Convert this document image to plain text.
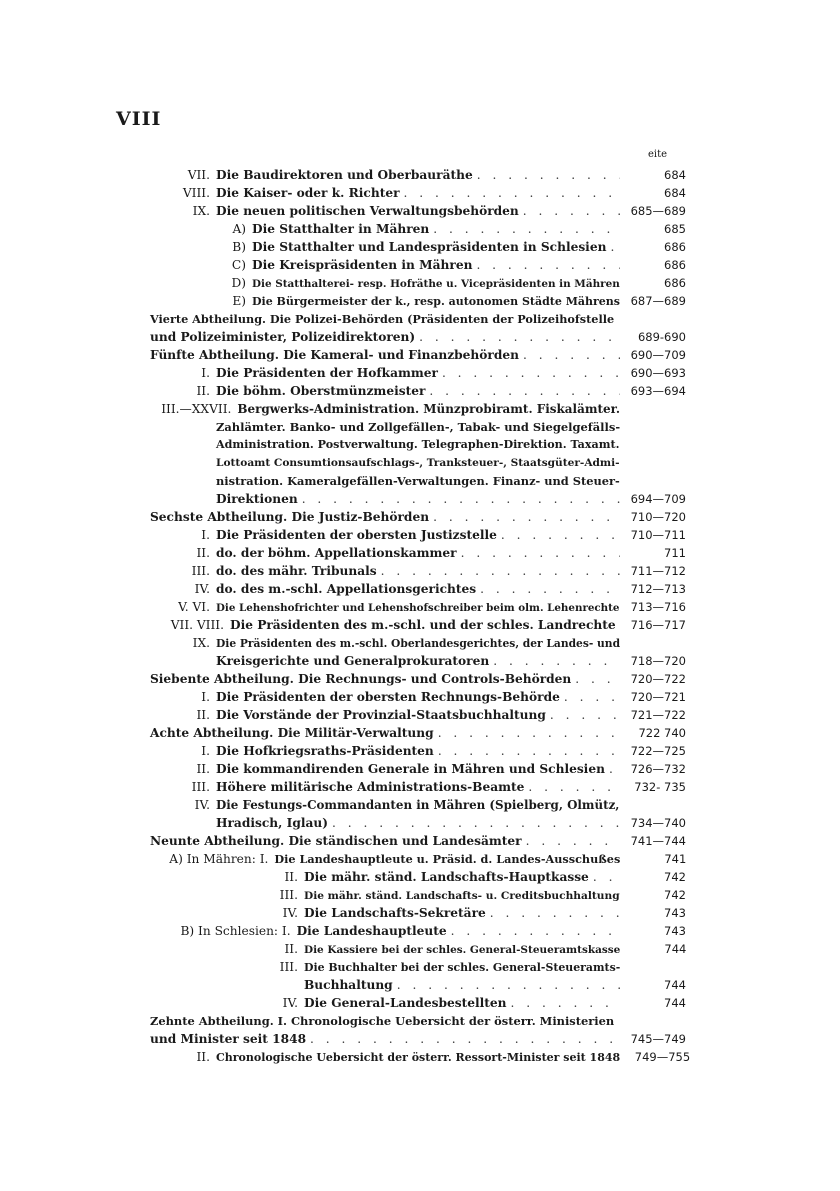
VIII
eite
VII. Die Baudirektoren und Oberbauräthe . . .	684
VIII. Die Kaiser- oder k. Richter . . .	684
IX. Die neuen politischen Verwaltungsbehörden . . .	685—689
A) Die Statthalter in Mähren . . .	685
B) Die Statthalter und Landespräsidenten in Schlesien . . .	686
C) Die Kreispräsidenten in Mähren . . .	686
D) Die Statthalterei- resp. Hofräthe u. Vicepräsidenten in Mähren	686
E) Die Bürgermeister der k., resp. autonomen Städte Mährens 687—689
Vierte Abtheilung. Die Polizei-Behörden (Präsidenten der Polizeihofstelle
und Polizeiminister, Polizeidirektoren) . . .	689-690
Fünfte Abtheilung. Die Kameral- und Finanzbehörden . . .	690—709
I. Die Präsidenten der Hofkammer . . .	690—693
II. Die böhm. Oberstmünzmeister . . .	693—694
III.—XXVII. Bergwerks-Administration. Münzprobiramt. Fiskalämter.
Zahlämter. Banko- und Zollgefällen-, Tabak- und Siegelgefälls-
Administration. Postverwaltung. Telegraphen-Direktion. Taxamt.
Lottoamt Consumtionsaufschlags-, Tranksteuer-, Staatsgüter-Admi-
nistration. Kameralgefällen-Verwaltungen. Finanz- und Steuer-
Direktionen . . .	694—709
Sechste Abtheilung. Die Justiz-Behörden . . .	710—720
I. Die Präsidenten der obersten Justizstelle . . .	710—711
II. do. der böhm. Appellationskammer . . .	711
III. do. des mähr. Tribunals . . .	711—712
IV. do. des m.-schl. Appellationsgerichtes . . .	712—713
V. VI. Die Lehenshofrichter und Lehenshofschreiber beim olm. Lehenrechte 713—716
VII. VIII. Die Präsidenten des m.-schl. und der schles. Landrechte . . .	716—717
IX. Die Präsidenten des m.-schl. Oberlandesgerichtes, der Landes- und
Kreisgerichte und Generalprokuratoren . . .	718—720
Siebente Abtheilung. Die Rechnungs- und Controls-Behörden . . .	720—722
I. Die Präsidenten der obersten Rechnungs-Behörde . . .	720—721
II. Die Vorstände der Provinzial-Staatsbuchhaltung . . .	721—722
Achte Abtheilung. Die Militär-Verwaltung . . .	722 740
I. Die Hofkriegsraths-Präsidenten . . .	722—725
II. Die kommandirenden Generale in Mähren und Schlesien . . .	726—732
III. Höhere militärische Administrations-Beamte . . .	732- 735
IV. Die Festungs-Commandanten in Mähren (Spielberg, Olmütz,
Hradisch, Iglau) . . .	734—740
Neunte Abtheilung. Die ständischen und Landesämter . . .	741—744
A) In Mähren: I. Die Landeshauptleute u. Präsid. d. Landes-Ausschußes	741
II. Die mähr. ständ. Landschafts-Hauptkasse . . .	742
III. Die mähr. ständ. Landschafts- u. Creditsbuchhaltung	742
IV. Die Landschafts-Sekretäre . . .	743
B) In Schlesien: I. Die Landeshauptleute . . .	743
II. Die Kassiere bei der schles. General-Steueramtskasse	744
III. Die Buchhalter bei der schles. General-Steueramts-
Buchhaltung . . .	744
IV. Die General-Landesbestellten . . .	744
Zehnte Abtheilung. I. Chronologische Uebersicht der österr. Ministerien
und Minister seit 1848 . . .	745—749
II. Chronologische Uebersicht der österr. Ressort-Minister seit 1848 . . .	749—755
